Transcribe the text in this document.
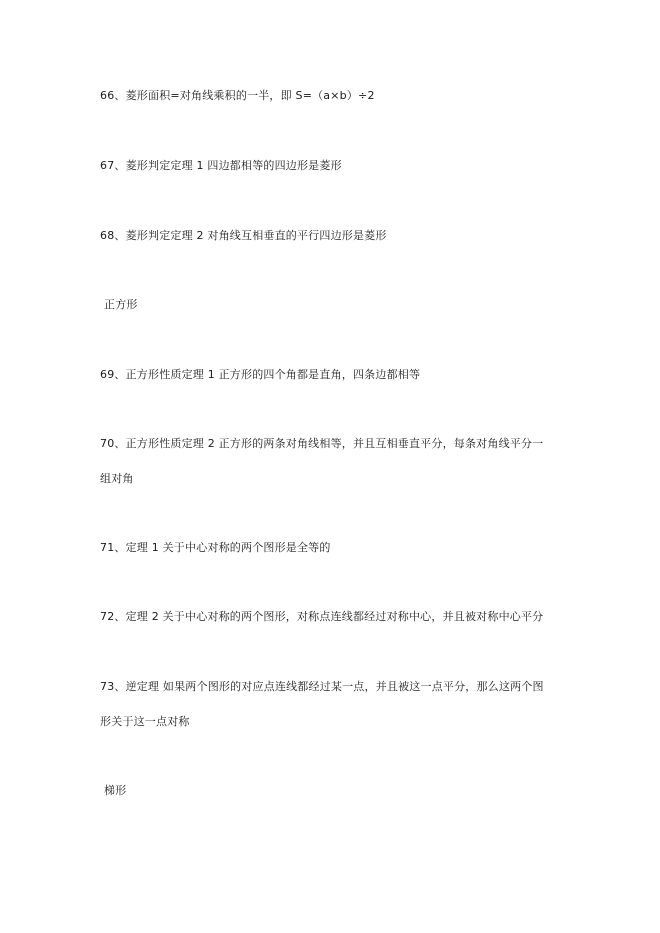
66、菱形面积=对角线乘积的一半，即 S=（a×b）÷2
67、菱形判定定理 1 四边都相等的四边形是菱形
68、菱形判定定理 2 对角线互相垂直的平行四边形是菱形
正方形
69、正方形性质定理 1 正方形的四个角都是直角，四条边都相等
70、正方形性质定理 2 正方形的两条对角线相等，并且互相垂直平分，每条对角线平分一
组对角
71、定理 1 关于中心对称的两个图形是全等的
72、定理 2 关于中心对称的两个图形，对称点连线都经过对称中心，并且被对称中心平分
73、逆定理 如果两个图形的对应点连线都经过某一点，并且被这一点平分，那么这两个图
形关于这一点对称
梯形
